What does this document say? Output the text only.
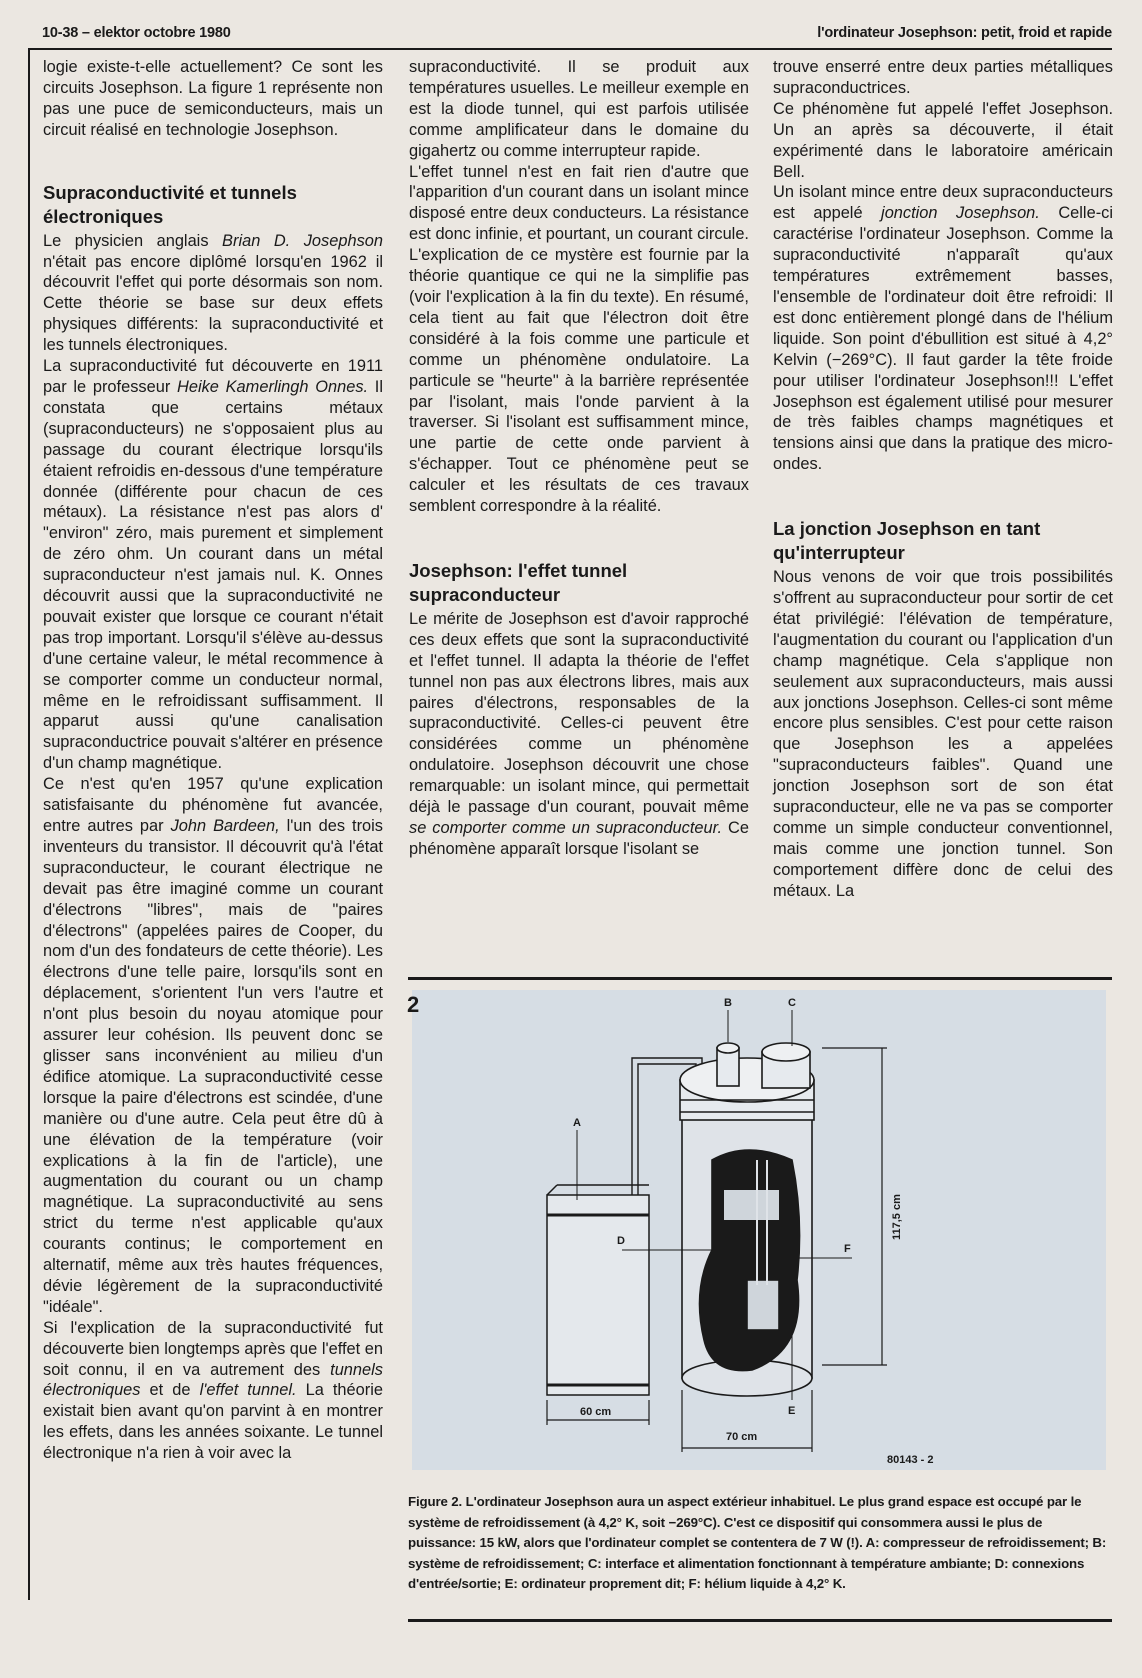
10-38 – elektor octobre 1980	l'ordinateur Josephson: petit, froid et rapide

logie existe-t-elle actuellement? Ce sont les circuits Josephson. La figure 1 représente non pas une puce de semiconducteurs, mais un circuit réalisé en technologie Josephson.

Supraconductivité et tunnels électroniques

Le physicien anglais Brian D. Josephson n'était pas encore diplômé lorsqu'en 1962 il découvrit l'effet qui porte désormais son nom. Cette théorie se base sur deux effets physiques différents: la supraconductivité et les tunnels électroniques.

La supraconductivité fut découverte en 1911 par le professeur Heike Kamerlingh Onnes. Il constata que certains métaux (supraconducteurs) ne s'opposaient plus au passage du courant électrique lorsqu'ils étaient refroidis en-dessous d'une température donnée (différente pour chacun de ces métaux). La résistance n'est pas alors d' "environ" zéro, mais purement et simplement de zéro ohm. Un courant dans un métal supraconducteur n'est jamais nul. K. Onnes découvrit aussi que la supraconductivité ne pouvait exister que lorsque ce courant n'était pas trop important. Lorsqu'il s'élève au-dessus d'une certaine valeur, le métal recommence à se comporter comme un conducteur normal, même en le refroidissant suffisamment. Il apparut aussi qu'une canalisation supraconductrice pouvait s'altérer en présence d'un champ magnétique.

Ce n'est qu'en 1957 qu'une explication satisfaisante du phénomène fut avancée, entre autres par John Bardeen, l'un des trois inventeurs du transistor. Il découvrit qu'à l'état supraconducteur, le courant électrique ne devait pas être imaginé comme un courant d'électrons "libres", mais de "paires d'électrons" (appelées paires de Cooper, du nom d'un des fondateurs de cette théorie). Les électrons d'une telle paire, lorsqu'ils sont en déplacement, s'orientent l'un vers l'autre et n'ont plus besoin du noyau atomique pour assurer leur cohésion. Ils peuvent donc se glisser sans inconvénient au milieu d'un édifice atomique. La supraconductivité cesse lorsque la paire d'électrons est scindée, d'une manière ou d'une autre. Cela peut être dû à une élévation de la température (voir explications à la fin de l'article), une augmentation du courant ou un champ magnétique. La supraconductivité au sens strict du terme n'est applicable qu'aux courants continus; le comportement en alternatif, même aux très hautes fréquences, dévie légèrement de la supraconductivité "idéale".

Si l'explication de la supraconductivité fut découverte bien longtemps après que l'effet en soit connu, il en va autrement des tunnels électroniques et de l'effet tunnel. La théorie existait bien avant qu'on parvint à en montrer les effets, dans les années soixante. Le tunnel électronique n'a rien à voir avec la

supraconductivité. Il se produit aux températures usuelles. Le meilleur exemple en est la diode tunnel, qui est parfois utilisée comme amplificateur dans le domaine du gigahertz ou comme interrupteur rapide.

L'effet tunnel n'est en fait rien d'autre que l'apparition d'un courant dans un isolant mince disposé entre deux conducteurs. La résistance est donc infinie, et pourtant, un courant circule. L'explication de ce mystère est fournie par la théorie quantique ce qui ne la simplifie pas (voir l'explication à la fin du texte). En résumé, cela tient au fait que l'électron doit être considéré à la fois comme une particule et comme un phénomène ondulatoire. La particule se "heurte" à la barrière représentée par l'isolant, mais l'onde parvient à la traverser. Si l'isolant est suffisamment mince, une partie de cette onde parvient à s'échapper. Tout ce phénomène peut se calculer et les résultats de ces travaux semblent correspondre à la réalité.

Josephson: l'effet tunnel supraconducteur

Le mérite de Josephson est d'avoir rapproché ces deux effets que sont la supraconductivité et l'effet tunnel. Il adapta la théorie de l'effet tunnel non pas aux électrons libres, mais aux paires d'électrons, responsables de la supraconductivité. Celles-ci peuvent être considérées comme un phénomène ondulatoire. Josephson découvrit une chose remarquable: un isolant mince, qui permettait déjà le passage d'un courant, pouvait même se comporter comme un supraconducteur. Ce phénomène apparaît lorsque l'isolant se

trouve enserré entre deux parties métalliques supraconductrices.

Ce phénomène fut appelé l'effet Josephson. Un an après sa découverte, il était expérimenté dans le laboratoire américain Bell.

Un isolant mince entre deux supraconducteurs est appelé jonction Josephson. Celle-ci caractérise l'ordinateur Josephson. Comme la supraconductivité n'apparaît qu'aux températures extrêmement basses, l'ensemble de l'ordinateur doit être refroidi: Il est donc entièrement plongé dans de l'hélium liquide. Son point d'ébullition est situé à 4,2° Kelvin (−269°C). Il faut garder la tête froide pour utiliser l'ordinateur Josephson!!! L'effet Josephson est également utilisé pour mesurer de très faibles champs magnétiques et tensions ainsi que dans la pratique des micro-ondes.

La jonction Josephson en tant qu'interrupteur

Nous venons de voir que trois possibilités s'offrent au supraconducteur pour sortir de cet état privilégié: l'élévation de température, l'augmentation du courant ou l'application d'un champ magnétique. Cela s'applique non seulement aux supraconducteurs, mais aussi aux jonctions Josephson. Celles-ci sont même encore plus sensibles. C'est pour cette raison que Josephson les a appelées "supraconducteurs faibles". Quand une jonction Josephson sort de son état supraconducteur, elle ne va pas se comporter comme un simple conducteur conventionnel, mais comme une jonction tunnel. Son comportement diffère donc de celui des métaux. La

2
A
B	C
D
F
E
60 cm
70 cm
117,5 cm
80143 - 2
Figure 2. L'ordinateur Josephson aura un aspect extérieur inhabituel. Le plus grand espace est occupé par le système de refroidissement (à 4,2° K, soit −269°C). C'est ce dispositif qui consommera aussi le plus de puissance: 15 kW, alors que l'ordinateur complet se contentera de 7 W (!). A: compresseur de refroidissement; B: système de refroidissement; C: interface et alimentation fonctionnant à température ambiante; D: connexions d'entrée/sortie; E: ordinateur proprement dit; F: hélium liquide à 4,2° K.
